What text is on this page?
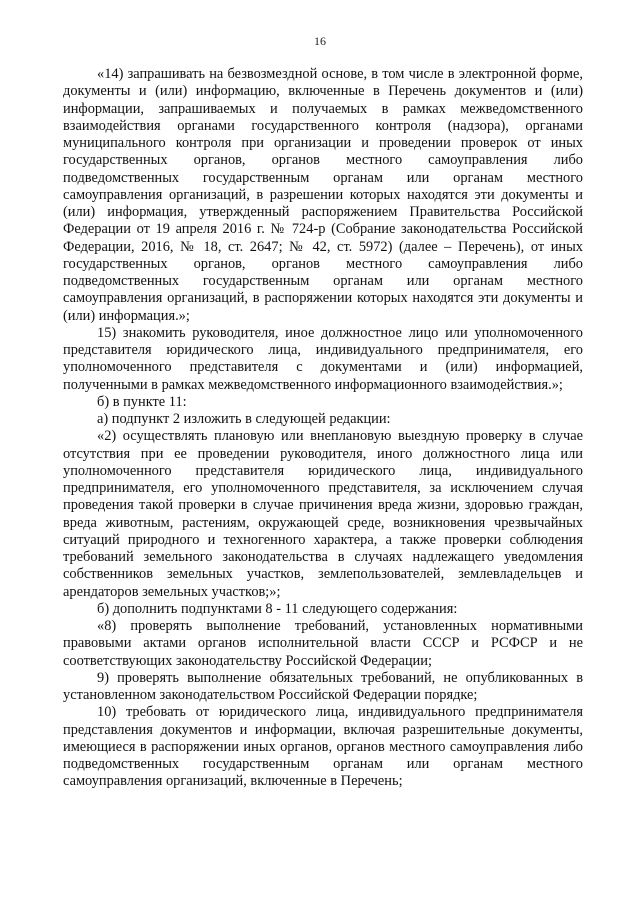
16

«14) запрашивать на безвозмездной основе, в том числе в электронной форме, документы и (или) информацию, включенные в Перечень документов и (или) информации, запрашиваемых и получаемых в рамках межведомственного взаимодействия органами государственного контроля (надзора), органами муниципального контроля при организации и проведении проверок от иных государственных органов, органов местного самоуправления либо подведомственных государственным органам или органам местного самоуправления организаций, в разрешении которых находятся эти документы и (или) информация, утвержденный распоряжением Правительства Российской Федерации от 19 апреля 2016 г. № 724-р (Собрание законодательства Российской Федерации, 2016, № 18, ст. 2647; № 42, ст. 5972) (далее – Перечень), от иных государственных органов, органов местного самоуправления либо подведомственных государственным органам или органам местного самоуправления организаций, в распоряжении которых находятся эти документы и (или) информация.»;

15) знакомить руководителя, иное должностное лицо или уполномоченного представителя юридического лица, индивидуального предпринимателя, его уполномоченного представителя с документами и (или) информацией, полученными в рамках межведомственного информационного взаимодействия.»;

б) в пункте 11:

а) подпункт 2 изложить в следующей редакции:

«2) осуществлять плановую или внеплановую выездную проверку в случае отсутствия при ее проведении руководителя, иного должностного лица или уполномоченного представителя юридического лица, индивидуального предпринимателя, его уполномоченного представителя, за исключением случая проведения такой проверки в случае причинения вреда жизни, здоровью граждан, вреда животным, растениям, окружающей среде, возникновения чрезвычайных ситуаций природного и техногенного характера, а также проверки соблюдения требований земельного законодательства в случаях надлежащего уведомления собственников земельных участков, землепользователей, землевладельцев и арендаторов земельных участков;»;

б) дополнить подпунктами 8 - 11 следующего содержания:

«8) проверять выполнение требований, установленных нормативными правовыми актами органов исполнительной власти СССР и РСФСР и не соответствующих законодательству Российской Федерации;

9) проверять выполнение обязательных требований, не опубликованных в установленном законодательством Российской Федерации порядке;

10) требовать от юридического лица, индивидуального предпринимателя представления документов и информации, включая разрешительные документы, имеющиеся в распоряжении иных органов, органов местного самоуправления либо подведомственных государственным органам или органам местного самоуправления организаций, включенные в Перечень;
